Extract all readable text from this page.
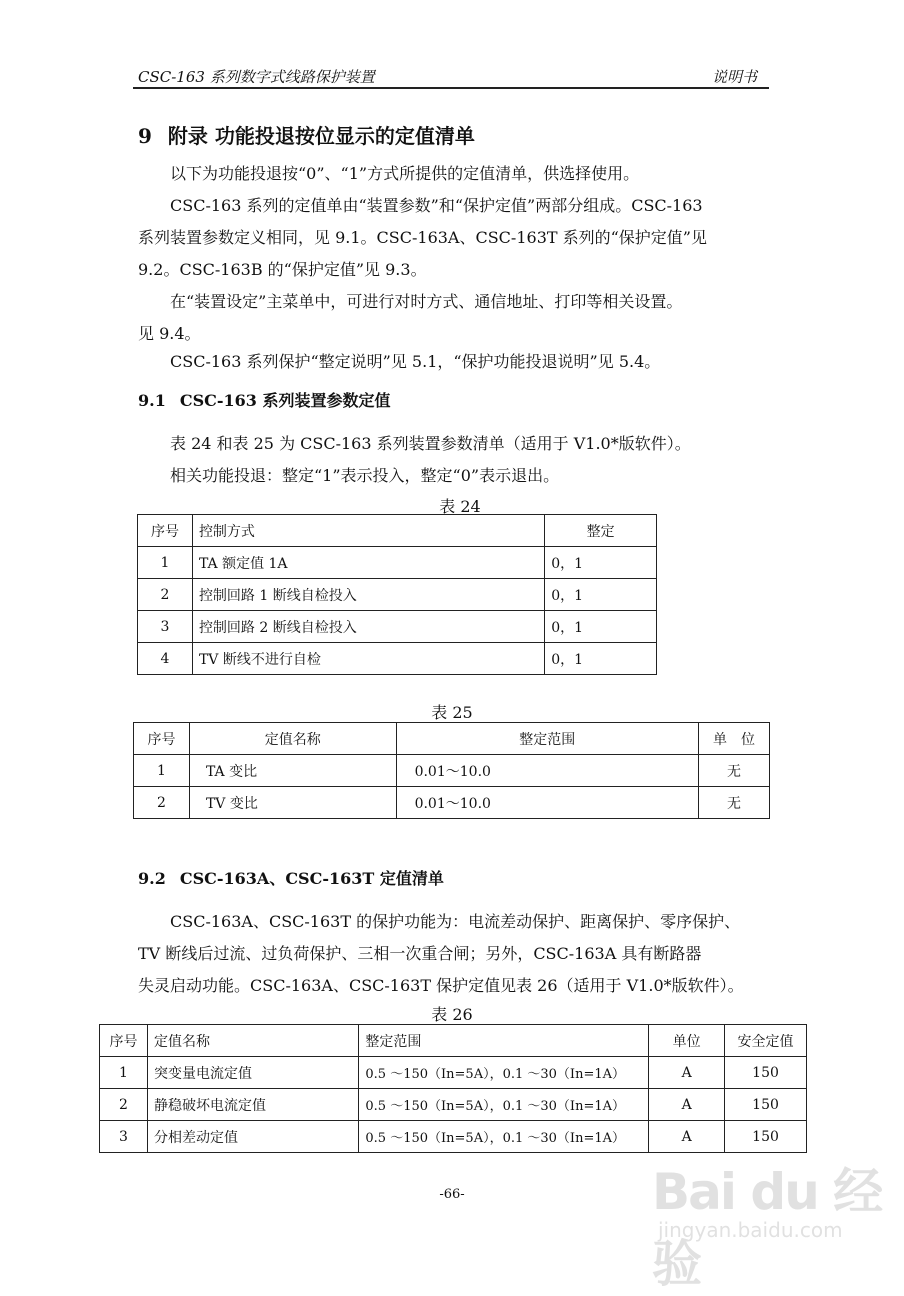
CSC-163 系列数字式线路保护装置	说明书
9 附录 功能投退按位显示的定值清单
以下为功能投退按“0”、“1”方式所提供的定值清单，供选择使用。
CSC-163 系列的定值单由“装置参数”和“保护定值”两部分组成。CSC-163
系列装置参数定义相同，见 9.1。CSC-163A、CSC-163T 系列的“保护定值”见
9.2。CSC-163B 的“保护定值”见 9.3。
在“装置设定”主菜单中，可进行对时方式、通信地址、打印等相关设置。
见 9.4。
CSC-163 系列保护“整定说明”见 5.1，“保护功能投退说明”见 5.4。
9.1 CSC-163 系列装置参数定值
表 24 和表 25 为 CSC-163 系列装置参数清单（适用于 V1.0*版软件）。
相关功能投退：整定“1”表示投入，整定“0”表示退出。
表 24
序号	控制方式	整定
1	TA 额定值 1A	0，1
2	控制回路 1 断线自检投入	0，1
3	控制回路 2 断线自检投入	0，1
4	TV 断线不进行自检	0，1
表 25
序号	定值名称	整定范围	单　位
1	TA 变比	0.01～10.0	无
2	TV 变比	0.01～10.0	无
9.2 CSC-163A、CSC-163T 定值清单
CSC-163A、CSC-163T 的保护功能为：电流差动保护、距离保护、零序保护、
TV 断线后过流、过负荷保护、三相一次重合闸；另外，CSC-163A 具有断路器
失灵启动功能。CSC-163A、CSC-163T 保护定值见表 26（适用于 V1.0*版软件）。
表 26
序号	定值名称	整定范围	单位	安全定值
1	突变量电流定值	0.5 ～150（In=5A），0.1 ～30（In=1A）	A	150
2	静稳破坏电流定值	0.5 ～150（In=5A），0.1 ～30（In=1A）	A	150
3	分相差动定值	0.5 ～150（In=5A），0.1 ～30（In=1A）	A	150
-66-	Bai du 经验
jingyan.baidu.com
